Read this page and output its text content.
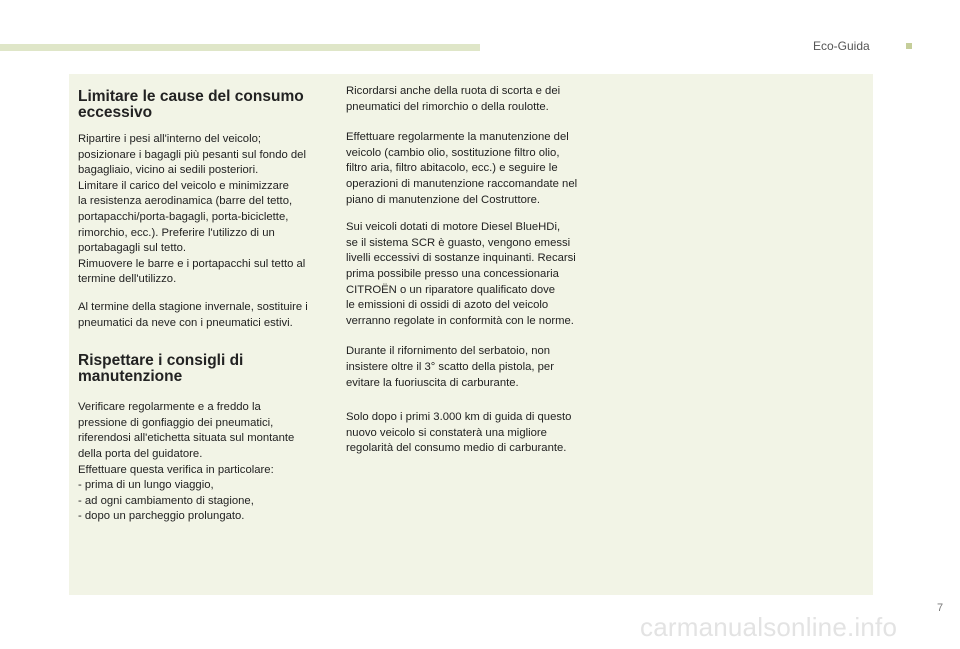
Eco-Guida
Limitare le cause del consumo eccessivo

Ripartire i pesi all'interno del veicolo;
posizionare i bagagli più pesanti sul fondo del
bagagliaio, vicino ai sedili posteriori.
Limitare il carico del veicolo e minimizzare
la resistenza aerodinamica (barre del tetto,
portapacchi/porta-bagagli, porta-biciclette,
rimorchio, ecc.). Preferire l'utilizzo di un
portabagagli sul tetto.
Rimuovere le barre e i portapacchi sul tetto al
termine dell'utilizzo.

Al termine della stagione invernale, sostituire i
pneumatici da neve con i pneumatici estivi.

Rispettare i consigli di manutenzione

Verificare regolarmente e a freddo la
pressione di gonfiaggio dei pneumatici,
riferendosi all'etichetta situata sul montante
della porta del guidatore.
Effettuare questa verifica in particolare:
- prima di un lungo viaggio,
- ad ogni cambiamento di stagione,
- dopo un parcheggio prolungato.

Ricordarsi anche della ruota di scorta e dei
pneumatici del rimorchio o della roulotte.

Effettuare regolarmente la manutenzione del
veicolo (cambio olio, sostituzione filtro olio,
filtro aria, filtro abitacolo, ecc.) e seguire le
operazioni di manutenzione raccomandate nel
piano di manutenzione del Costruttore.

Sui veicoli dotati di motore Diesel BlueHDi,
se il sistema SCR è guasto, vengono emessi
livelli eccessivi di sostanze inquinanti. Recarsi
prima possibile presso una concessionaria
CITROËN o un riparatore qualificato dove
le emissioni di ossidi di azoto del veicolo
verranno regolate in conformità con le norme.

Durante il rifornimento del serbatoio, non
insistere oltre il 3° scatto della pistola, per
evitare la fuoriuscita di carburante.

Solo dopo i primi 3.000 km di guida di questo
nuovo veicolo si constaterà una migliore
regolarità del consumo medio di carburante.

7
carmanualsonline.info
